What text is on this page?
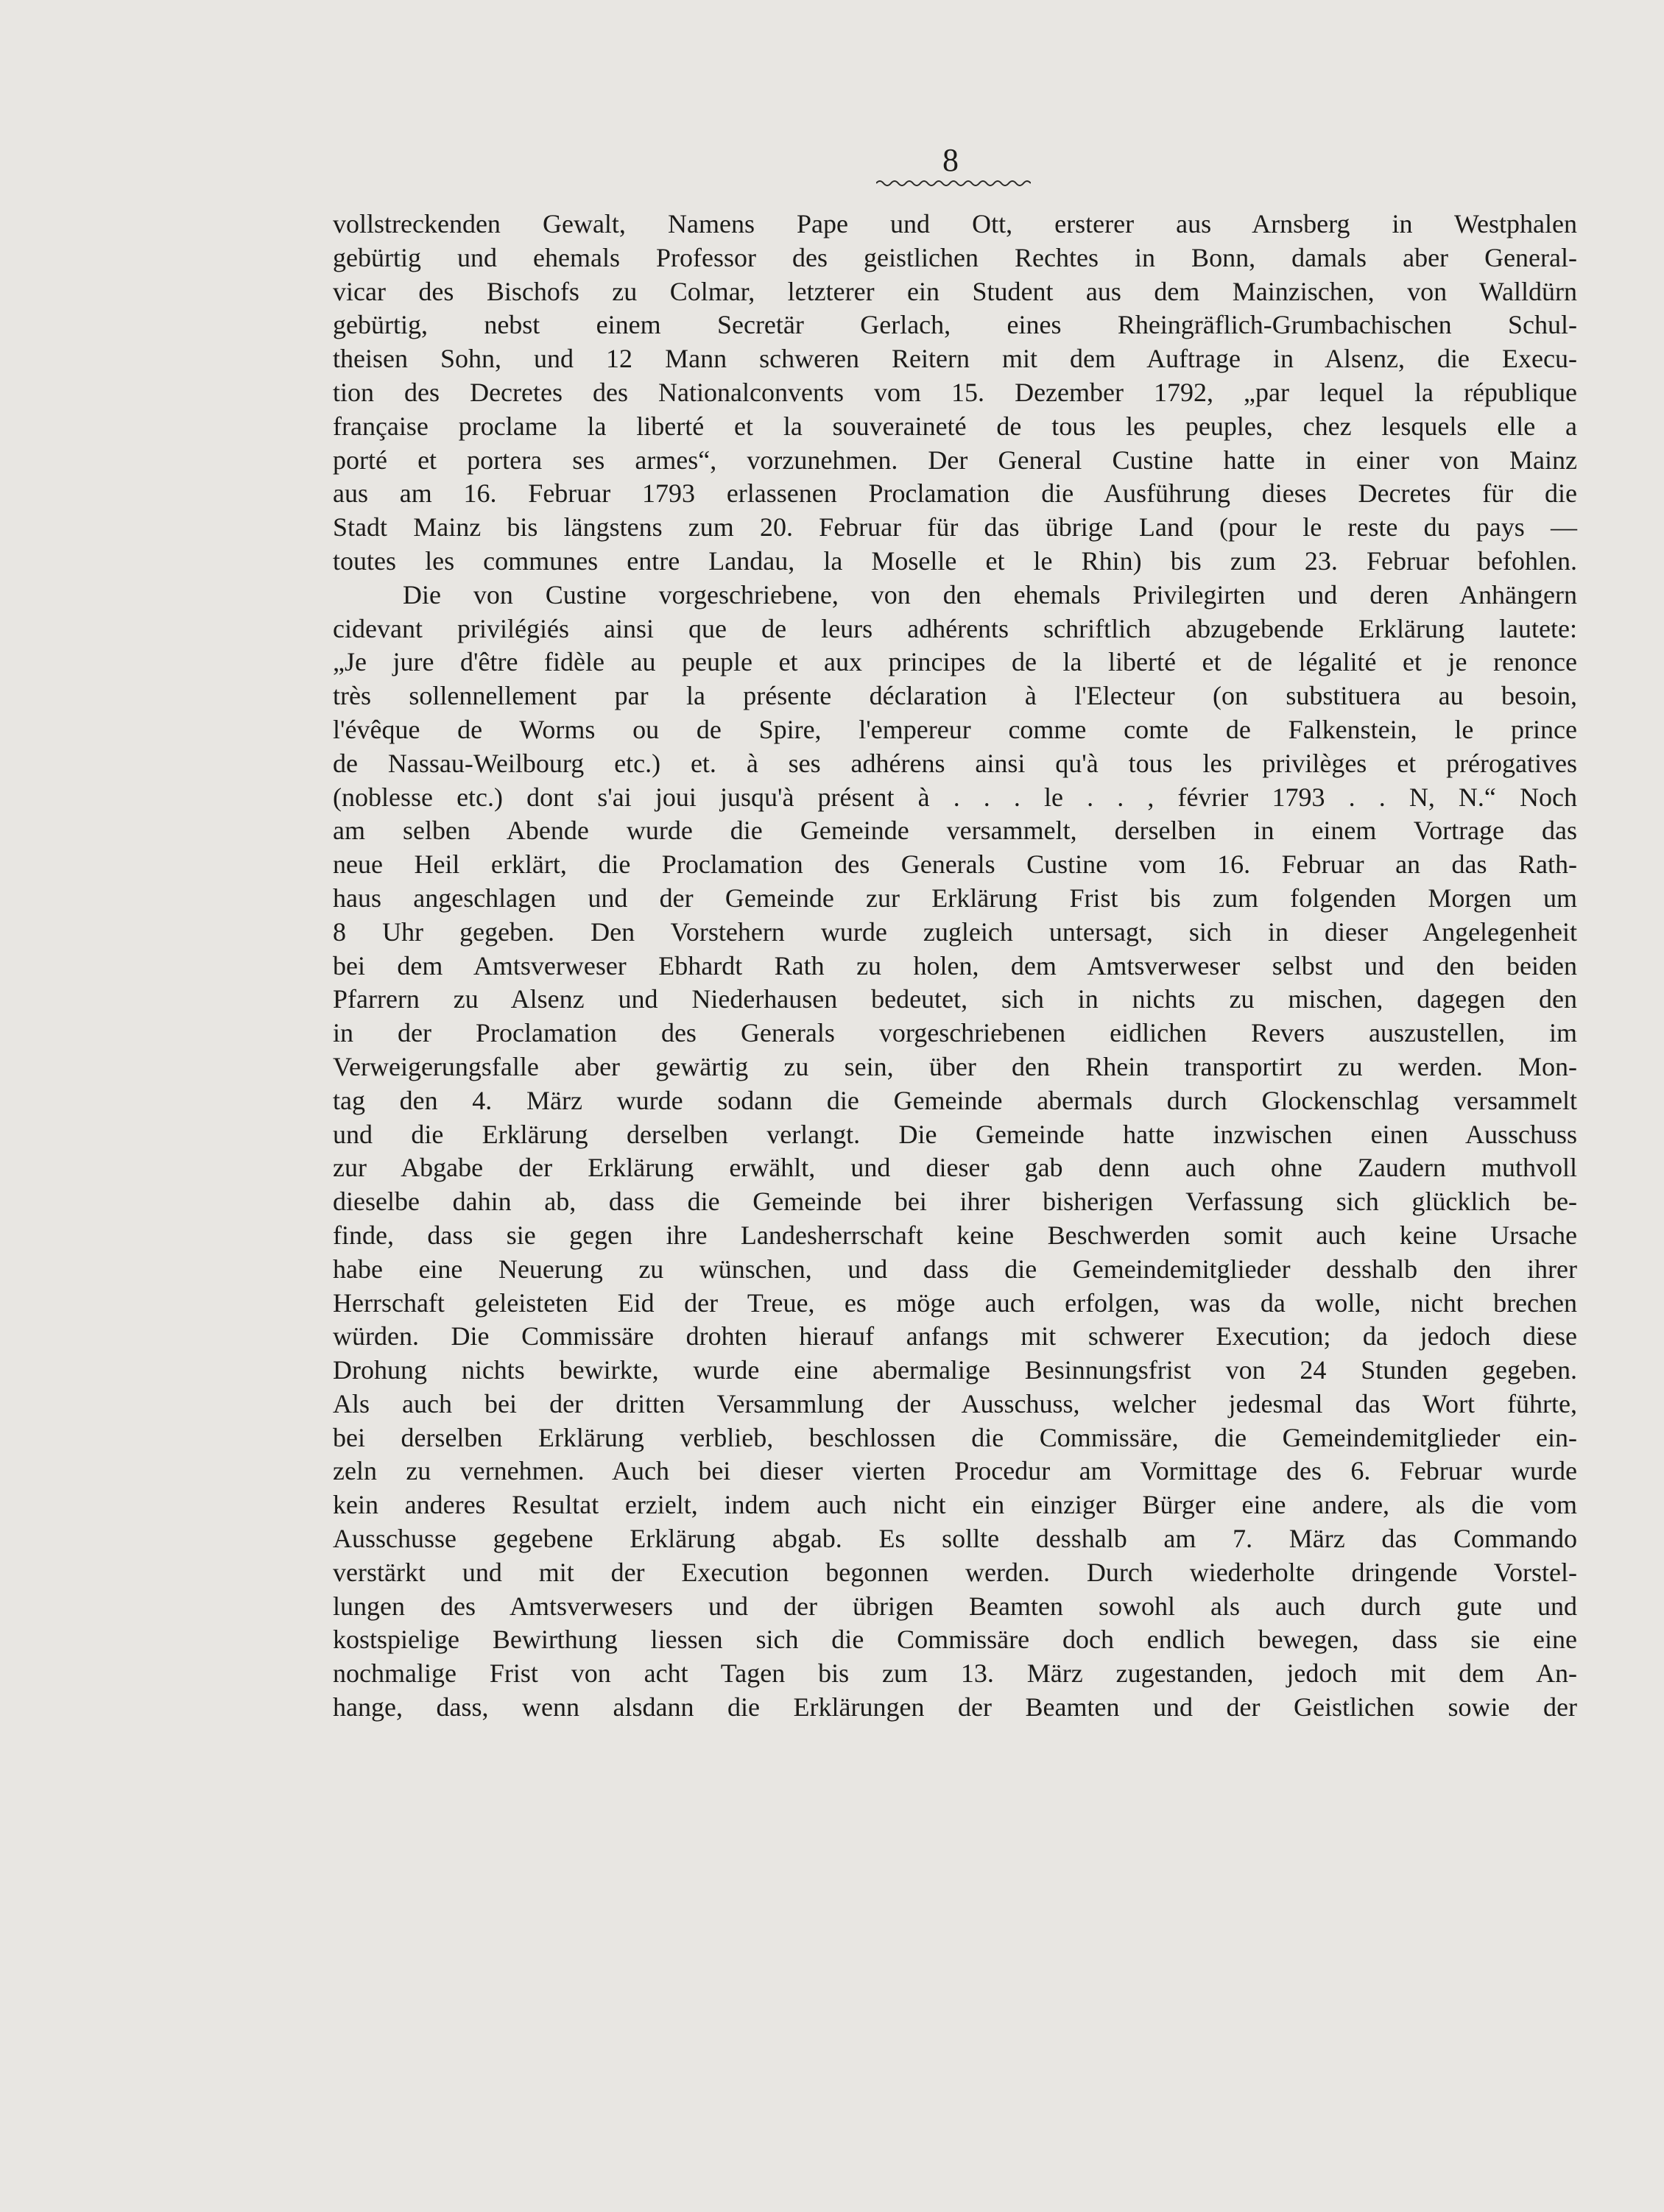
8

vollstreckenden Gewalt, Namens Pape und Ott, ersterer aus Arnsberg in Westphalen

gebürtig und ehemals Professor des geistlichen Rechtes in Bonn, damals aber General-

vicar des Bischofs zu Colmar, letzterer ein Student aus dem Mainzischen, von Walldürn

gebürtig, nebst einem Secretär Gerlach, eines Rheingräflich-Grumbachischen Schul-

theisen Sohn, und 12 Mann schweren Reitern mit dem Auftrage in Alsenz, die Execu-

tion des Decretes des Nationalconvents vom 15. Dezember 1792, „par lequel la république

française proclame la liberté et la souveraineté de tous les peuples, chez lesquels elle a

porté et portera ses armes“, vorzunehmen. Der General Custine hatte in einer von Mainz

aus am 16. Februar 1793 erlassenen Proclamation die Ausführung dieses Decretes für die

Stadt Mainz bis längstens zum 20. Februar für das übrige Land (pour le reste du pays —

toutes les communes entre Landau, la Moselle et le Rhin) bis zum 23. Februar befohlen.

Die von Custine vorgeschriebene, von den ehemals Privilegirten und deren Anhängern

cidevant privilégiés ainsi que de leurs adhérents schriftlich abzugebende Erklärung lautete:

„Je jure d'être fidèle au peuple et aux principes de la liberté et de légalité et je renonce

très sollennellement par la présente déclaration à l'Electeur (on substituera au besoin,

l'évêque de Worms ou de Spire, l'empereur comme comte de Falkenstein, le prince

de Nassau-Weilbourg etc.) et. à ses adhérens ainsi qu'à tous les privilèges et prérogatives

(noblesse etc.) dont s'ai joui jusqu'à présent à . . . le . . , février 1793 . . N, N.“ Noch

am selben Abende wurde die Gemeinde versammelt, derselben in einem Vortrage das

neue Heil erklärt, die Proclamation des Generals Custine vom 16. Februar an das Rath-

haus angeschlagen und der Gemeinde zur Erklärung Frist bis zum folgenden Morgen um

8 Uhr gegeben. Den Vorstehern wurde zugleich untersagt, sich in dieser Angelegenheit

bei dem Amtsverweser Ebhardt Rath zu holen, dem Amtsverweser selbst und den beiden

Pfarrern zu Alsenz und Niederhausen bedeutet, sich in nichts zu mischen, dagegen den

in der Proclamation des Generals vorgeschriebenen eidlichen Revers auszustellen, im

Verweigerungsfalle aber gewärtig zu sein, über den Rhein transportirt zu werden. Mon-

tag den 4. März wurde sodann die Gemeinde abermals durch Glockenschlag versammelt

und die Erklärung derselben verlangt. Die Gemeinde hatte inzwischen einen Ausschuss

zur Abgabe der Erklärung erwählt, und dieser gab denn auch ohne Zaudern muthvoll

dieselbe dahin ab, dass die Gemeinde bei ihrer bisherigen Verfassung sich glücklich be-

finde, dass sie gegen ihre Landesherrschaft keine Beschwerden somit auch keine Ursache

habe eine Neuerung zu wünschen, und dass die Gemeindemitglieder desshalb den ihrer

Herrschaft geleisteten Eid der Treue, es möge auch erfolgen, was da wolle, nicht brechen

würden. Die Commissäre drohten hierauf anfangs mit schwerer Execution; da jedoch diese

Drohung nichts bewirkte, wurde eine abermalige Besinnungsfrist von 24 Stunden gegeben.

Als auch bei der dritten Versammlung der Ausschuss, welcher jedesmal das Wort führte,

bei derselben Erklärung verblieb, beschlossen die Commissäre, die Gemeindemitglieder ein-

zeln zu vernehmen. Auch bei dieser vierten Procedur am Vormittage des 6. Februar wurde

kein anderes Resultat erzielt, indem auch nicht ein einziger Bürger eine andere, als die vom

Ausschusse gegebene Erklärung abgab. Es sollte desshalb am 7. März das Commando

verstärkt und mit der Execution begonnen werden. Durch wiederholte dringende Vorstel-

lungen des Amtsverwesers und der übrigen Beamten sowohl als auch durch gute und

kostspielige Bewirthung liessen sich die Commissäre doch endlich bewegen, dass sie eine

nochmalige Frist von acht Tagen bis zum 13. März zugestanden, jedoch mit dem An-

hange, dass, wenn alsdann die Erklärungen der Beamten und der Geistlichen sowie der
